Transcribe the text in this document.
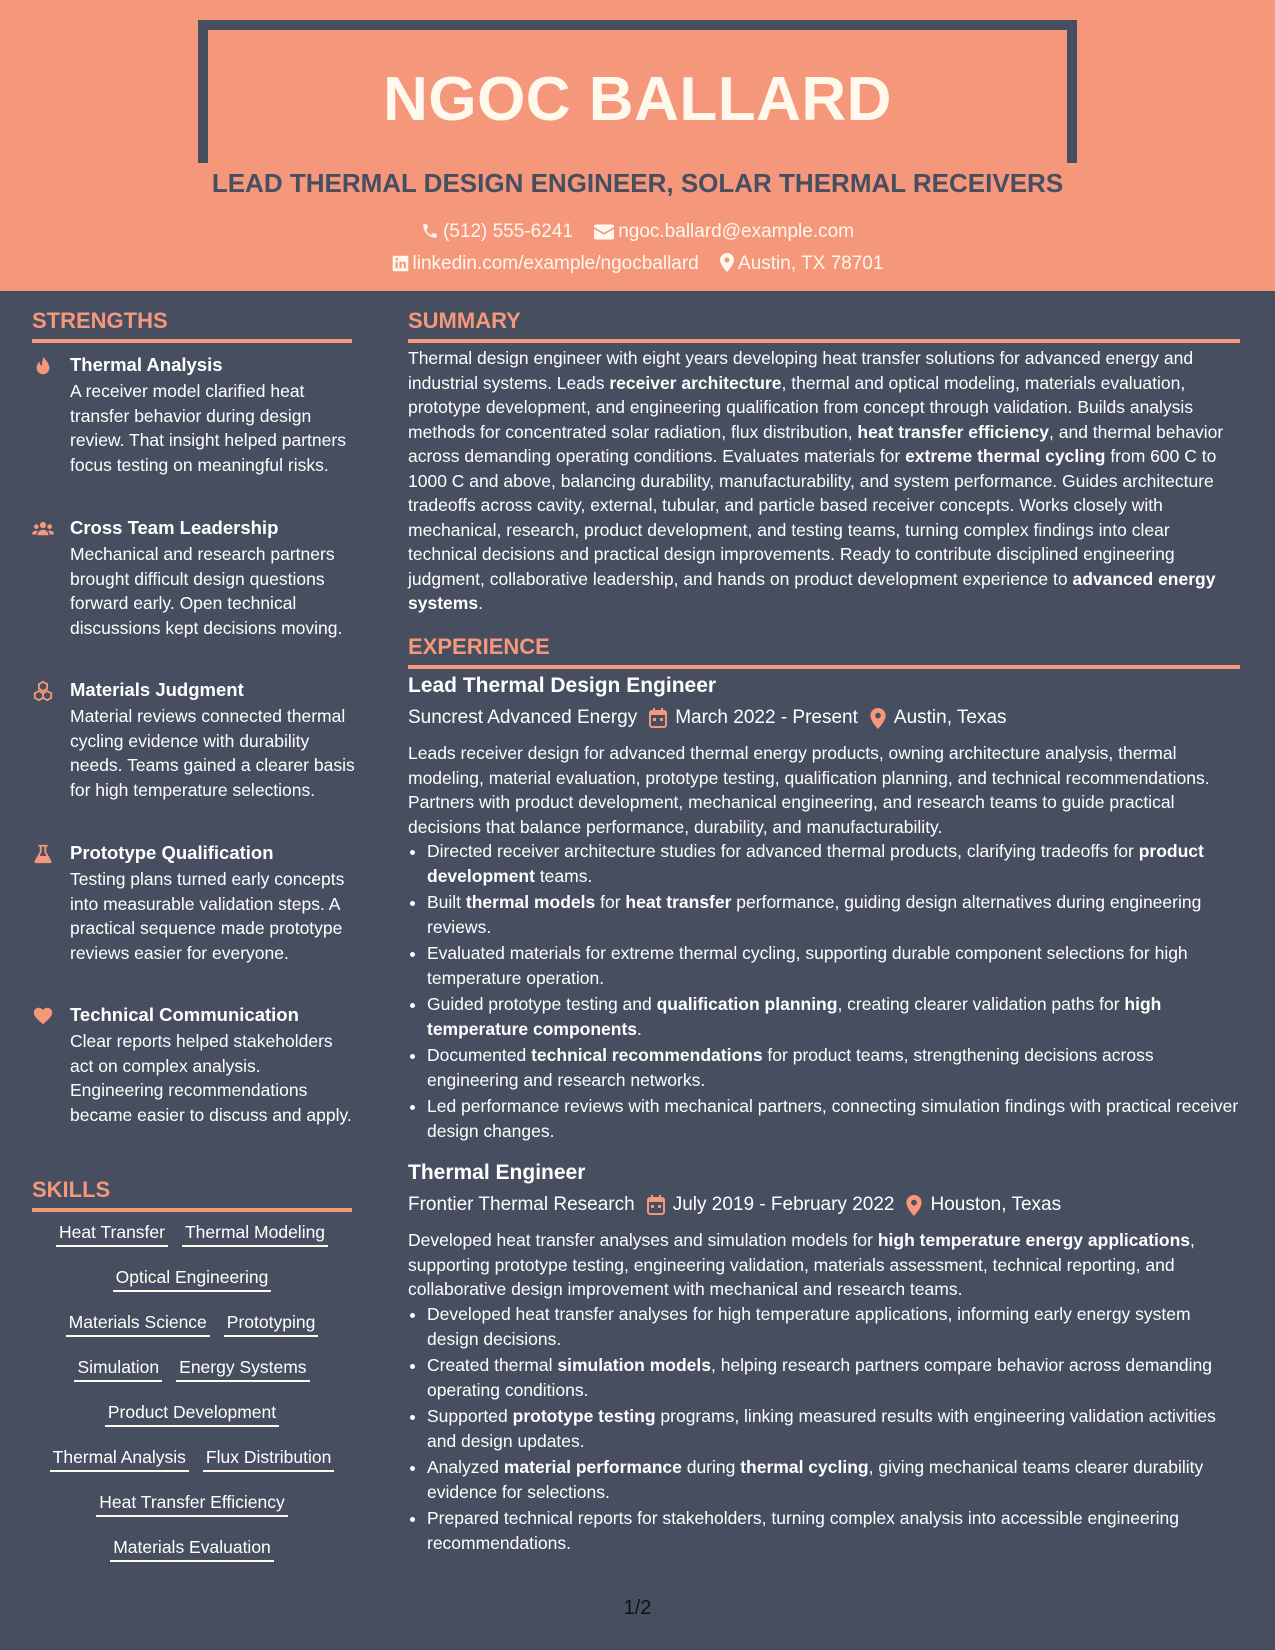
NGOC BALLARD
LEAD THERMAL DESIGN ENGINEER, SOLAR THERMAL RECEIVERS
(512) 555-6241 ngoc.ballard@example.com
linkedin.com/example/ngocballard Austin, TX 78701
STRENGTHS
Thermal Analysis
A receiver model clarified heat transfer behavior during design review. That insight helped partners focus testing on meaningful risks.
Cross Team Leadership
Mechanical and research partners brought difficult design questions forward early. Open technical discussions kept decisions moving.
Materials Judgment
Material reviews connected thermal cycling evidence with durability needs. Teams gained a clearer basis for high temperature selections.
Prototype Qualification
Testing plans turned early concepts into measurable validation steps. A practical sequence made prototype reviews easier for everyone.
Technical Communication
Clear reports helped stakeholders act on complex analysis. Engineering recommendations became easier to discuss and apply.
SKILLS
Heat Transfer Thermal Modeling
Optical Engineering
Materials Science Prototyping
Simulation Energy Systems
Product Development
Thermal Analysis Flux Distribution
Heat Transfer Efficiency
Materials Evaluation
SUMMARY
Thermal design engineer with eight years developing heat transfer solutions for advanced energy and industrial systems. Leads receiver architecture, thermal and optical modeling, materials evaluation, prototype development, and engineering qualification from concept through validation. Builds analysis methods for concentrated solar radiation, flux distribution, heat transfer efficiency, and thermal behavior across demanding operating conditions. Evaluates materials for extreme thermal cycling from 600 C to 1000 C and above, balancing durability, manufacturability, and system performance. Guides architecture tradeoffs across cavity, external, tubular, and particle based receiver concepts. Works closely with mechanical, research, product development, and testing teams, turning complex findings into clear technical decisions and practical design improvements. Ready to contribute disciplined engineering judgment, collaborative leadership, and hands on product development experience to advanced energy systems.
EXPERIENCE
Lead Thermal Design Engineer
Suncrest Advanced Energy March 2022 - Present Austin, Texas
Leads receiver design for advanced thermal energy products, owning architecture analysis, thermal modeling, material evaluation, prototype testing, qualification planning, and technical recommendations. Partners with product development, mechanical engineering, and research teams to guide practical decisions that balance performance, durability, and manufacturability.
• Directed receiver architecture studies for advanced thermal products, clarifying tradeoffs for product development teams.
• Built thermal models for heat transfer performance, guiding design alternatives during engineering reviews.
• Evaluated materials for extreme thermal cycling, supporting durable component selections for high temperature operation.
• Guided prototype testing and qualification planning, creating clearer validation paths for high temperature components.
• Documented technical recommendations for product teams, strengthening decisions across engineering and research networks.
• Led performance reviews with mechanical partners, connecting simulation findings with practical receiver design changes.
Thermal Engineer
Frontier Thermal Research July 2019 - February 2022 Houston, Texas
Developed heat transfer analyses and simulation models for high temperature energy applications, supporting prototype testing, engineering validation, materials assessment, technical reporting, and collaborative design improvement with mechanical and research teams.
• Developed heat transfer analyses for high temperature applications, informing early energy system design decisions.
• Created thermal simulation models, helping research partners compare behavior across demanding operating conditions.
• Supported prototype testing programs, linking measured results with engineering validation activities and design updates.
• Analyzed material performance during thermal cycling, giving mechanical teams clearer durability evidence for selections.
• Prepared technical reports for stakeholders, turning complex analysis into accessible engineering recommendations.
1/2
